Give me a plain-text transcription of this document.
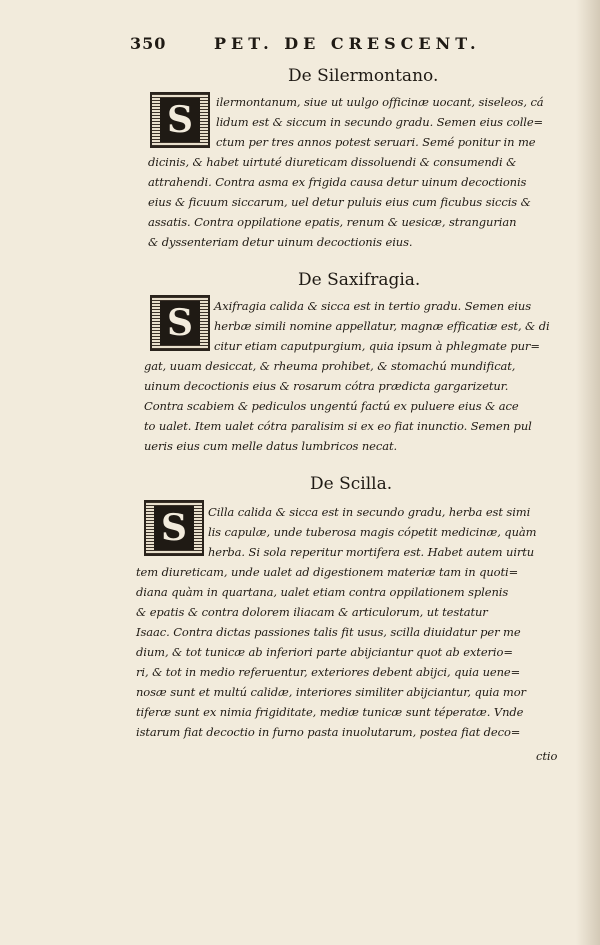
350	PET. DE CRESCENT.
De Silermontano.
S	ilermontanum, siue ut uulgo officinæ uocant, siseleos, cá
lidum est & siccum in secundo gradu. Semen eius colle=
ctum per tres annos potest seruari. Semé ponitur in me
dicinis, & habet uirtuté diureticam dissoluendi & consumendi &
attrahendi. Contra asma ex frigida causa detur uinum decoctionis
eius & ficuum siccarum, uel detur puluis eius cum ficubus siccis &
assatis. Contra oppilatione epatis, renum & uesicæ, strangurian
& dyssenteriam detur uinum decoctionis eius.
De Saxifragia.
S	Axifragia calida & sicca est in tertio gradu. Semen eius
herbæ simili nomine appellatur, magnæ efficatiæ est, & di
citur etiam caputpurgium, quia ipsum à phlegmate pur=
gat, uuam desiccat, & rheuma prohibet, & stomachú mundificat,
uinum decoctionis eius & rosarum cótra prædicta gargarizetur.
Contra scabiem & pediculos ungentú factú ex puluere eius & ace
to ualet. Item ualet cótra paralisim si ex eo fiat inunctio. Semen pul
ueris eius cum melle datus lumbricos necat.
De Scilla.
S	Cilla calida & sicca est in secundo gradu, herba est simi
lis capulæ, unde tuberosa magis cópetit medicinæ, quàm
herba. Si sola reperitur mortifera est. Habet autem uirtu
tem diureticam, unde ualet ad digestionem materiæ tam in quoti=
diana quàm in quartana, ualet etiam contra oppilationem splenis
& epatis & contra dolorem iliacam & articulorum, ut testatur
Isaac. Contra dictas passiones talis fit usus, scilla diuidatur per me
dium, & tot tunicæ ab inferiori parte abijciantur quot ab exterio=
ri, & tot in medio referuentur, exteriores debent abijci, quia uene=
nosæ sunt et multú calidæ, interiores similiter abijciantur, quia mor
tiferæ sunt ex nimia frigiditate, mediæ tunicæ sunt téperatæ. Vnde
istarum fiat decoctio in furno pasta inuolutarum, postea fiat deco=
ctio
